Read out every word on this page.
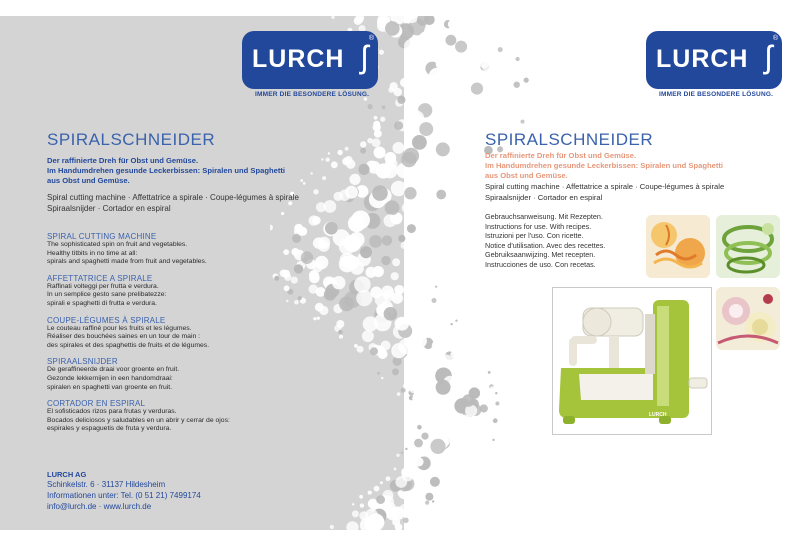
LURCH ʃ
®
IMMER DIE BESONDERE LÖSUNG.
LURCH ʃ
®
IMMER DIE BESONDERE LÖSUNG.
SPIRALSCHNEIDER
Der raffinierte Dreh für Obst und Gemüse.
Im Handumdrehen gesunde Leckerbissen: Spiralen und Spaghetti
aus Obst und Gemüse.
Spiral cutting machine · Affettatrice a spirale · Coupe-légumes à spirale
Spiraalsnijder · Cortador en espiral
SPIRAL CUTTING MACHINE
The sophisticated spin on fruit and vegetables.
Healthy titbits in no time at all:
spirals and spaghetti made from fruit and vegetables.
AFFETTATRICE A SPIRALE
Raffinati volteggi per frutta e verdura.
In un semplice gesto sane prelibatezze:
spirali e spaghetti di frutta e verdura.
COUPE-LÉGUMES À SPIRALE
Le couteau raffiné pour les fruits et les légumes.
Réaliser des bouchées saines en un tour de main :
des spirales et des spaghettis de fruits et de légumes.
SPIRAALSNIJDER
De geraffineerde draai voor groente en fruit.
Gezonde lekkernijen in een handomdraai:
spiralen en spaghetti van groente en fruit.
CORTADOR EN ESPIRAL
El sofisticados rizos para frutas y verduras.
Bocados deliciosos y saludables en un abrir y cerrar de ojos:
espirales y espaguetis de fruta y verdura.
LURCH AG
Schinkelstr. 6 · 31137 Hildesheim
Informationen unter: Tel. (0 51 21) 7499174
info@lurch.de · www.lurch.de
SPIRALSCHNEIDER
Der raffinierte Dreh für Obst und Gemüse.
Im Handumdrehen gesunde Leckerbissen: Spiralen und Spaghetti
aus Obst und Gemüse.
Spiral cutting machine · Affettatrice a spirale · Coupe-légumes à spirale
Spiraalsnijder · Cortador en espiral
Gebrauchsanweisung. Mit Rezepten.
Instructions for use. With recipes.
Istruzioni per l'uso. Con ricette.
Notice d'utilisation. Avec des recettes.
Gebruiksaanwijzing. Met recepten.
Instrucciones de uso. Con recetas.
LURCH
